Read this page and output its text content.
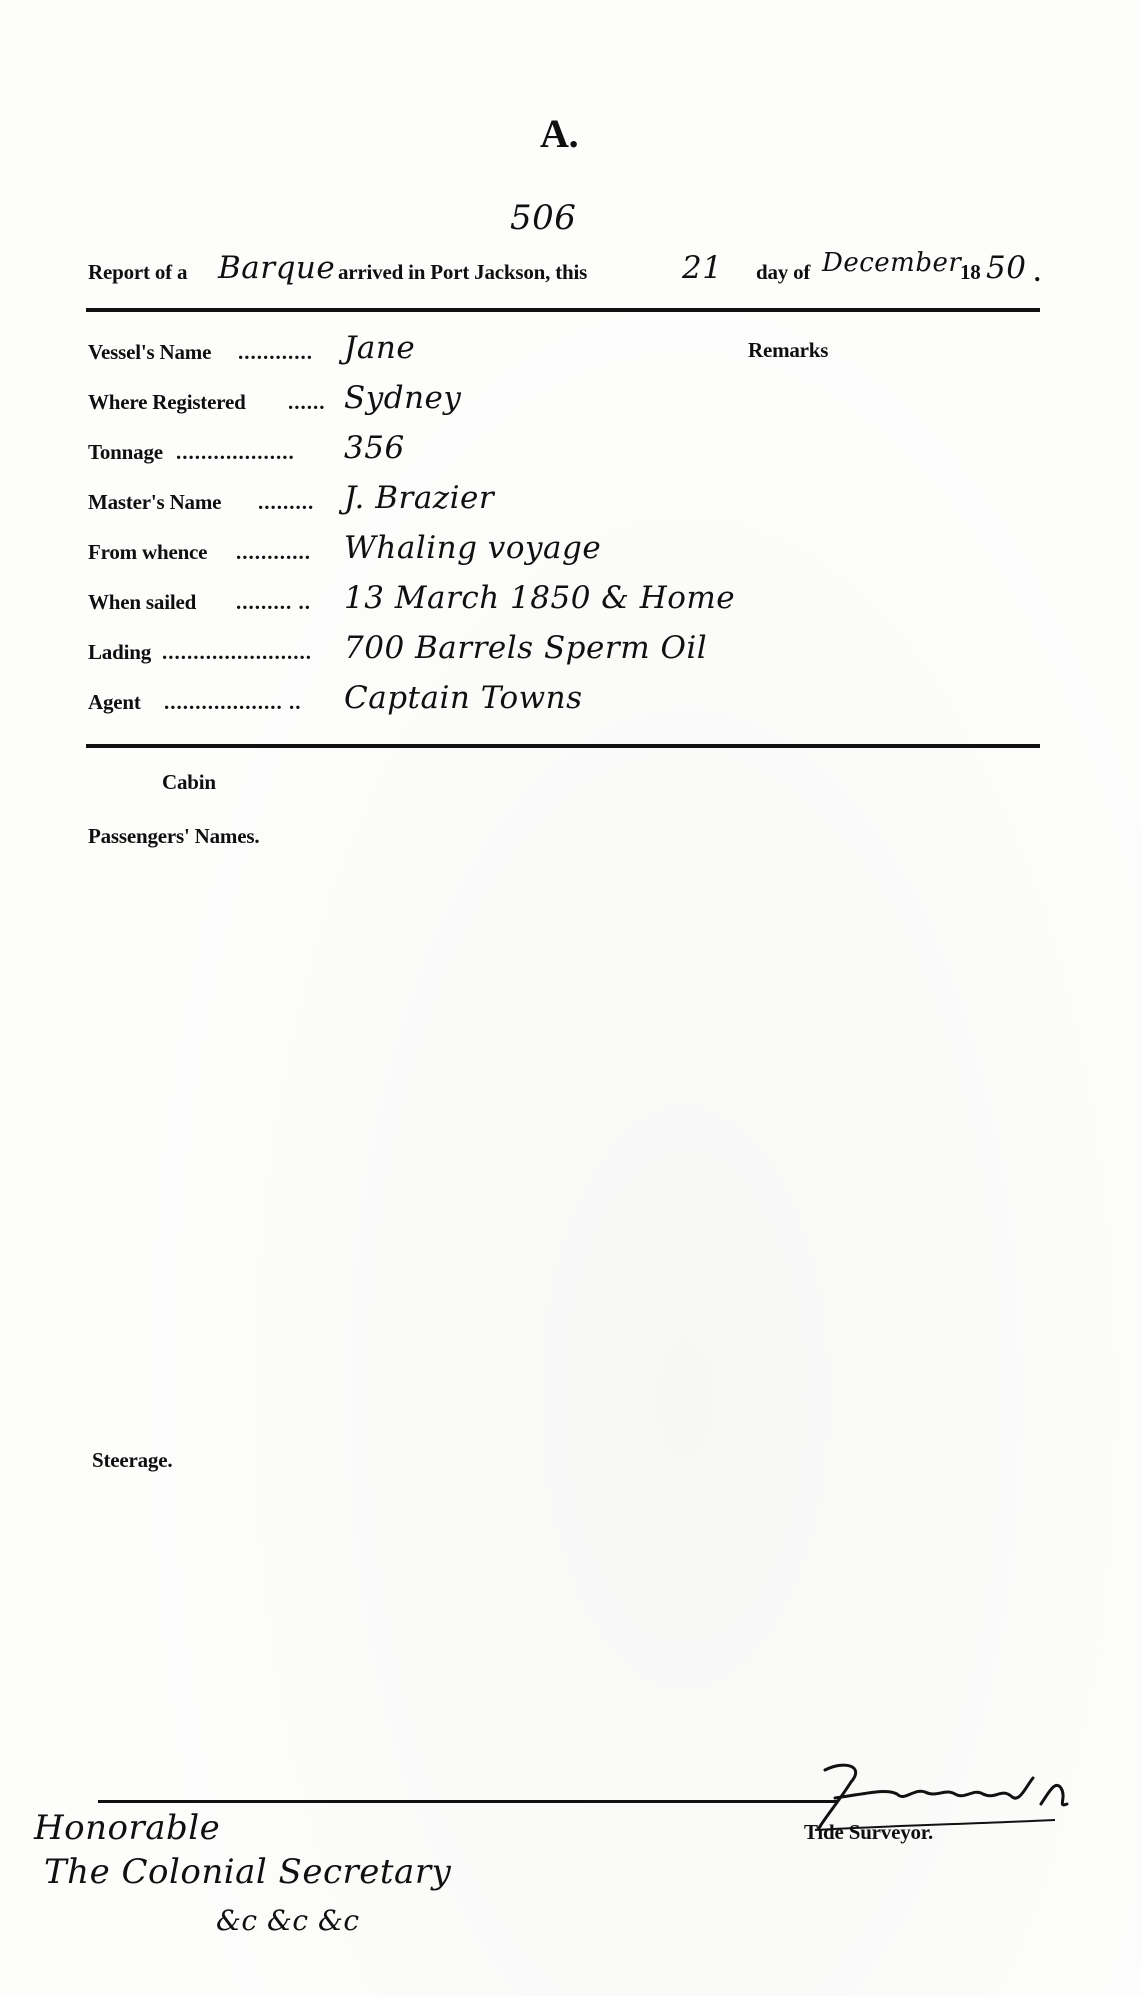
A.
506
Report of a Barque arrived in Port Jackson, this	21 day of December
18 50 .
Remarks
Vessel's Name ............ Jane
Where Registered ...... Sydney
Tonnage ................... 356
Master's Name ......... J. Brazier
From whence ............ Whaling voyage
When sailed ......... .. 13 March 1850 & Home
Lading ........................ 700 Barrels Sperm Oil
Agent ................... .. Captain Towns
Cabin
Passengers' Names.
Steerage.
Tide Surveyor.
Honorable
The Colonial Secretary
&c &c &c
